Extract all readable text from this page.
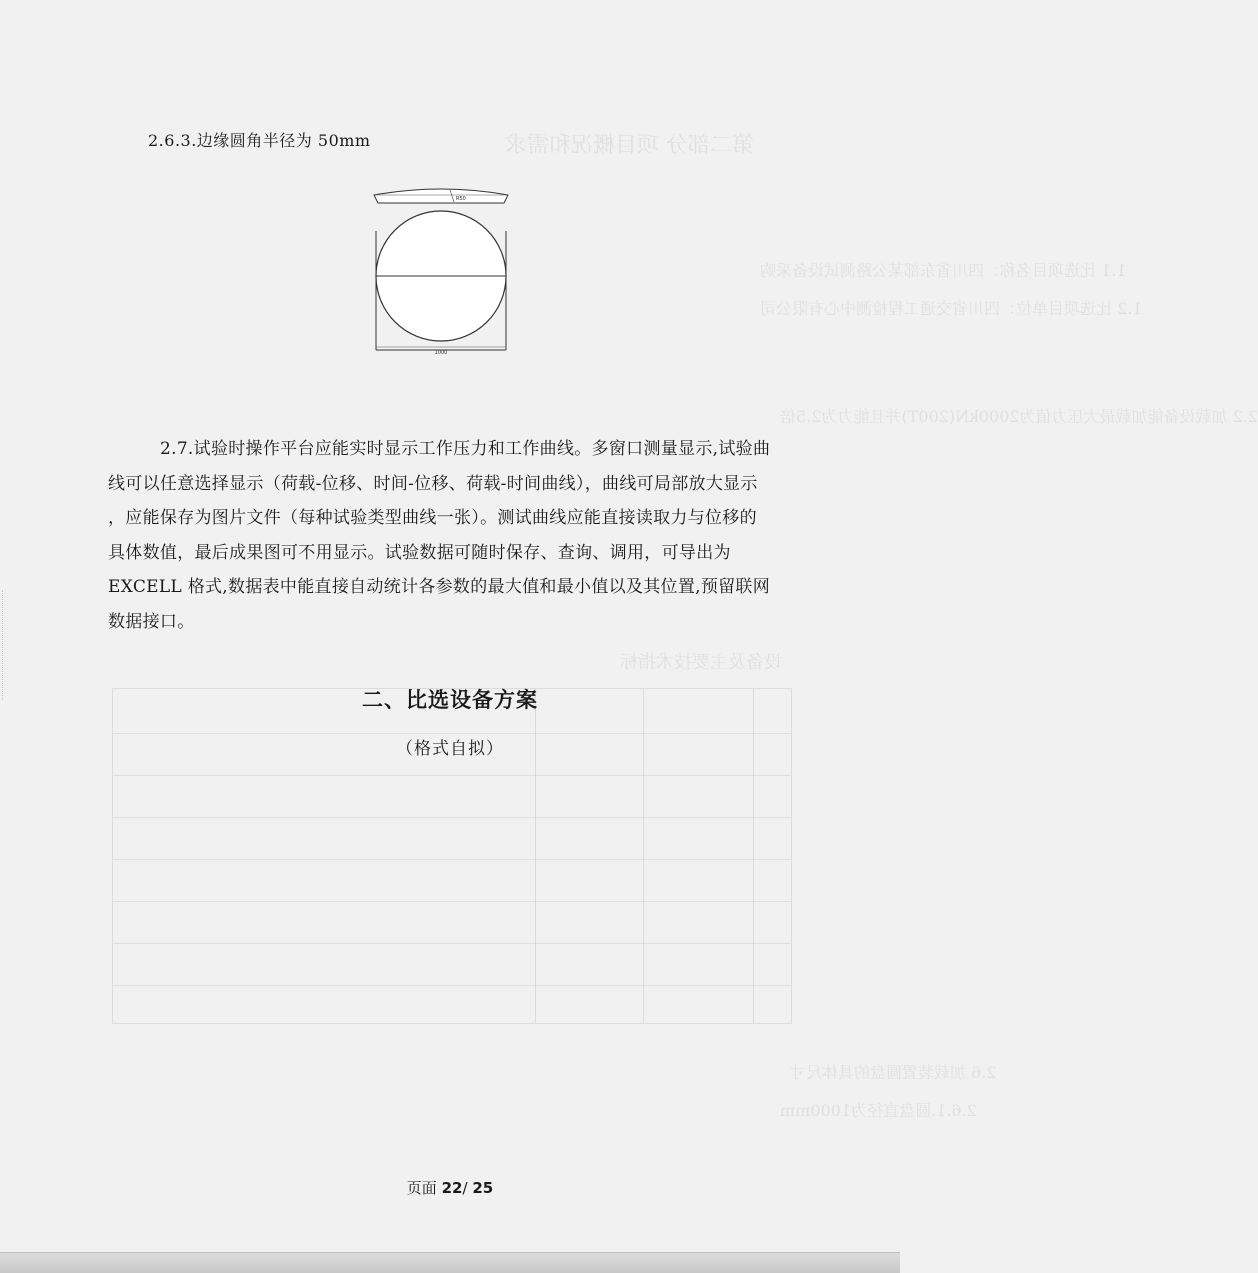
第二部分 项目概况和需求
1.1 比选项目名称：四川省东部某公路测试设备采购
1.2 比选项目单位：四川省交通工程检测中心有限公司
2.2 加载设备能加载最大压力值为2000kN(200T)并且能力为2.5倍
设备及主要技术指标
2.6 加载装置圆盘的具体尺寸
2.6.1.圆盘直径为1000mm
2.6.3.边缘圆角半径为 50mm
R50
1000

2.7.试验时操作平台应能实时显示工作压力和工作曲线。多窗口测量显示,试验曲

线可以任意选择显示（荷载-位移、时间-位移、荷载-时间曲线），曲线可局部放大显示

，应能保存为图片文件（每种试验类型曲线一张）。测试曲线应能直接读取力与位移的

具体数值，最后成果图可不用显示。试验数据可随时保存、查询、调用，可导出为

EXCELL 格式,数据表中能直接自动统计各参数的最大值和最小值以及其位置,预留联网

数据接口。

二、比选设备方案
（格式自拟）
页面 22/ 25
